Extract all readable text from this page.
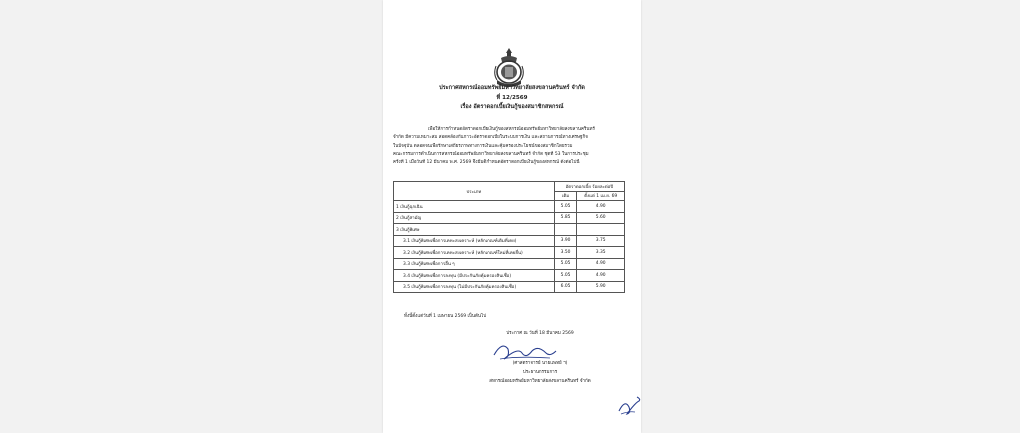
ประกาศสหกรณ์ออมทรัพย์มหาวิทยาลัยสงขลานครินทร์ จำกัด
ที่ 12/2569
เรื่อง อัตราดอกเบี้ยเงินกู้ของสมาชิกสหกรณ์
เพื่อให้การกำหนดอัตราดอกเบี้ยเงินกู้ของสหกรณ์ออมทรัพย์มหาวิทยาลัยสงขลานครินทร์
จำกัด มีความเหมาะสม สอดคล้องกับภาวะอัตราดอกเบี้ยในระบบการเงิน และสถานการณ์ทางเศรษฐกิจ
ในปัจจุบัน ตลอดจนเพื่อรักษาเสถียรภาพทางการเงินและคุ้มครองประโยชน์ของสมาชิกโดยรวม
คณะกรรมการดำเนินการสหกรณ์ออมทรัพย์มหาวิทยาลัยสงขลานครินทร์ จำกัด ชุดที่ 53 ในการประชุม
ครั้งที่ 1 เมื่อวันที่ 12 มีนาคม พ.ศ. 2569 จึงมีมติกำหนดอัตราดอกเบี้ยเงินกู้ของสหกรณ์ ดังต่อไปนี้
ประเภท	อัตราดอกเบี้ย ร้อยละต่อปี	
	เดิม	ตั้งแต่ 1 เม.ย. 69
1 เงินกู้ฉุกเฉิน	5.05	4.90
2 เงินกู้สามัญ	5.85	5.60
3 เงินกู้พิเศษ		
3.1 เงินกู้พิเศษเพื่อการเคหะสงเคราะห์ (หลักเกณฑ์เดิมที่เคย)	3.90	3.75
3.2 เงินกู้พิเศษเพื่อการเคหะสงเคราะห์ (หลักเกณฑ์ใหม่ที่เคยยื่น)	3.50	3.35
3.3 เงินกู้พิเศษเพื่อการอื่น ๆ	5.05	4.90
3.4 เงินกู้พิเศษเพื่อการลงทุน (มีประกันภัยคุ้มครองสินเชื่อ)	5.05	4.90
3.5 เงินกู้พิเศษเพื่อการลงทุน (ไม่มีประกันภัยคุ้มครองสินเชื่อ)	6.05	5.90
ทั้งนี้ตั้งแต่วันที่ 1 เมษายน 2569 เป็นต้นไป
ประกาศ ณ วันที่ 18 มีนาคม 2569
(ศาสตราจารย์ นายแพทย์ ฯ)
ประธานกรรมการ
สหกรณ์ออมทรัพย์มหาวิทยาลัยสงขลานครินทร์ จำกัด
